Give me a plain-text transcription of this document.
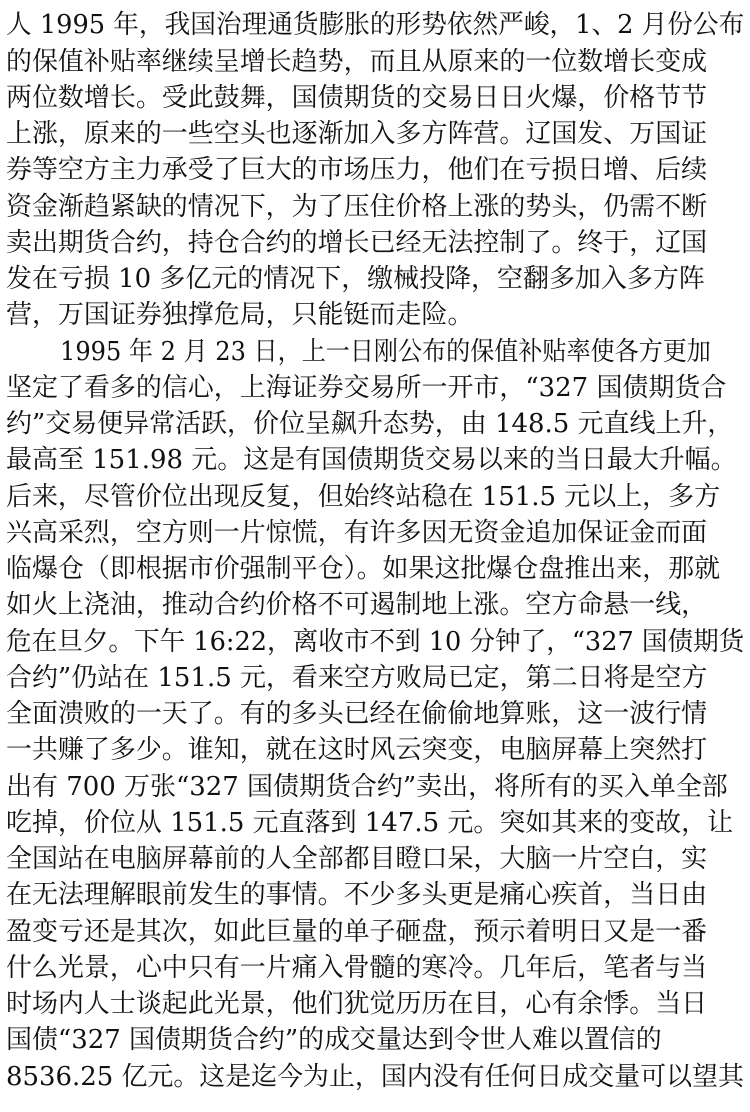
人 1995 年，我国治理通货膨胀的形势依然严峻，1、2 月份公布
的保值补贴率继续呈增长趋势，而且从原来的一位数增长变成
两位数增长。受此鼓舞，国债期货的交易日日火爆，价格节节
上涨，原来的一些空头也逐渐加入多方阵营。辽国发、万国证
券等空方主力承受了巨大的市场压力，他们在亏损日增、后续
资金渐趋紧缺的情况下，为了压住价格上涨的势头，仍需不断
卖出期货合约，持仓合约的增长已经无法控制了。终于，辽国
发在亏损 10 多亿元的情况下，缴械投降，空翻多加入多方阵
营，万国证券独撑危局，只能铤而走险。
1995 年 2 月 23 日，上一日刚公布的保值补贴率使各方更加
坚定了看多的信心，上海证券交易所一开市，“327 国债期货合
约”交易便异常活跃，价位呈飙升态势，由 148.5 元直线上升，
最高至 151.98 元。这是有国债期货交易以来的当日最大升幅。
后来，尽管价位出现反复，但始终站稳在 151.5 元以上，多方
兴高采烈，空方则一片惊慌，有许多因无资金追加保证金而面
临爆仓（即根据市价强制平仓）。如果这批爆仓盘推出来，那就
如火上浇油，推动合约价格不可遏制地上涨。空方命悬一线，
危在旦夕。下午 16:22，离收市不到 10 分钟了，“327 国债期货
合约”仍站在 151.5 元，看来空方败局已定，第二日将是空方
全面溃败的一天了。有的多头已经在偷偷地算账，这一波行情
一共赚了多少。谁知，就在这时风云突变，电脑屏幕上突然打
出有 700 万张“327 国债期货合约”卖出，将所有的买入单全部
吃掉，价位从 151.5 元直落到 147.5 元。突如其来的变故，让
全国站在电脑屏幕前的人全部都目瞪口呆，大脑一片空白，实
在无法理解眼前发生的事情。不少多头更是痛心疾首，当日由
盈变亏还是其次，如此巨量的单子砸盘，预示着明日又是一番
什么光景，心中只有一片痛入骨髓的寒冷。几年后，笔者与当
时场内人士谈起此光景，他们犹觉历历在目，心有余悸。当日
国债“327 国债期货合约”的成交量达到令世人难以置信的
8536.25 亿元。这是迄今为止，国内没有任何日成交量可以望其
